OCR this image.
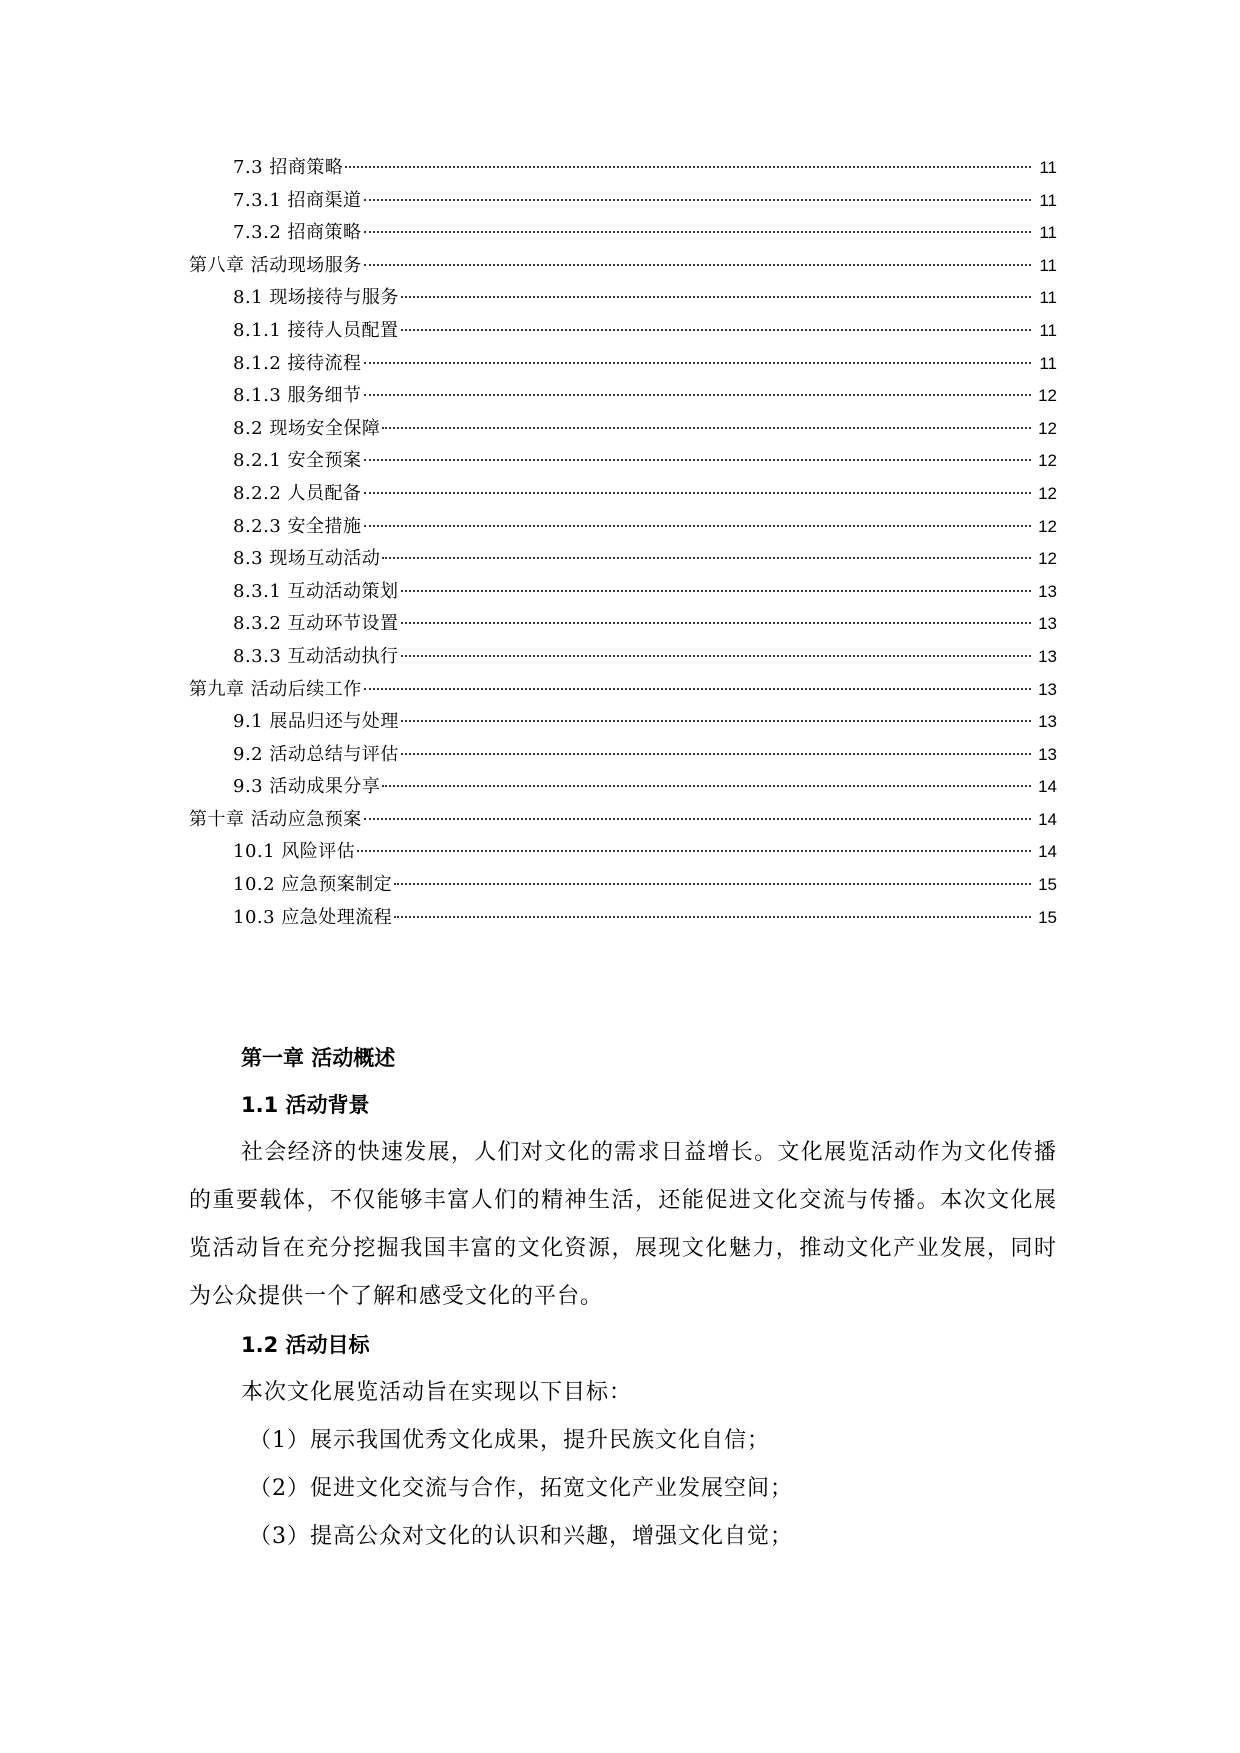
7.3 招商策略	11
7.3.1 招商渠道	11
7.3.2 招商策略	11
第八章 活动现场服务	11
8.1 现场接待与服务	11
8.1.1 接待人员配置	11
8.1.2 接待流程	11
8.1.3 服务细节	12
8.2 现场安全保障	12
8.2.1 安全预案	12
8.2.2 人员配备	12
8.2.3 安全措施	12
8.3 现场互动活动	12
8.3.1 互动活动策划	13
8.3.2 互动环节设置	13
8.3.3 互动活动执行	13
第九章 活动后续工作	13
9.1 展品归还与处理	13
9.2 活动总结与评估	13
9.3 活动成果分享	14
第十章 活动应急预案	14
10.1 风险评估	14
10.2 应急预案制定	15
10.3 应急处理流程	15

第一章 活动概述

1.1 活动背景

社会经济的快速发展，人们对文化的需求日益增长。文化展览活动作为文化传播的重要载体，不仅能够丰富人们的精神生活，还能促进文化交流与传播。本次文化展览活动旨在充分挖掘我国丰富的文化资源，展现文化魅力，推动文化产业发展，同时为公众提供一个了解和感受文化的平台。

1.2 活动目标

本次文化展览活动旨在实现以下目标：

（1）展示我国优秀文化成果，提升民族文化自信；

（2）促进文化交流与合作，拓宽文化产业发展空间；

（3）提高公众对文化的认识和兴趣，增强文化自觉；
